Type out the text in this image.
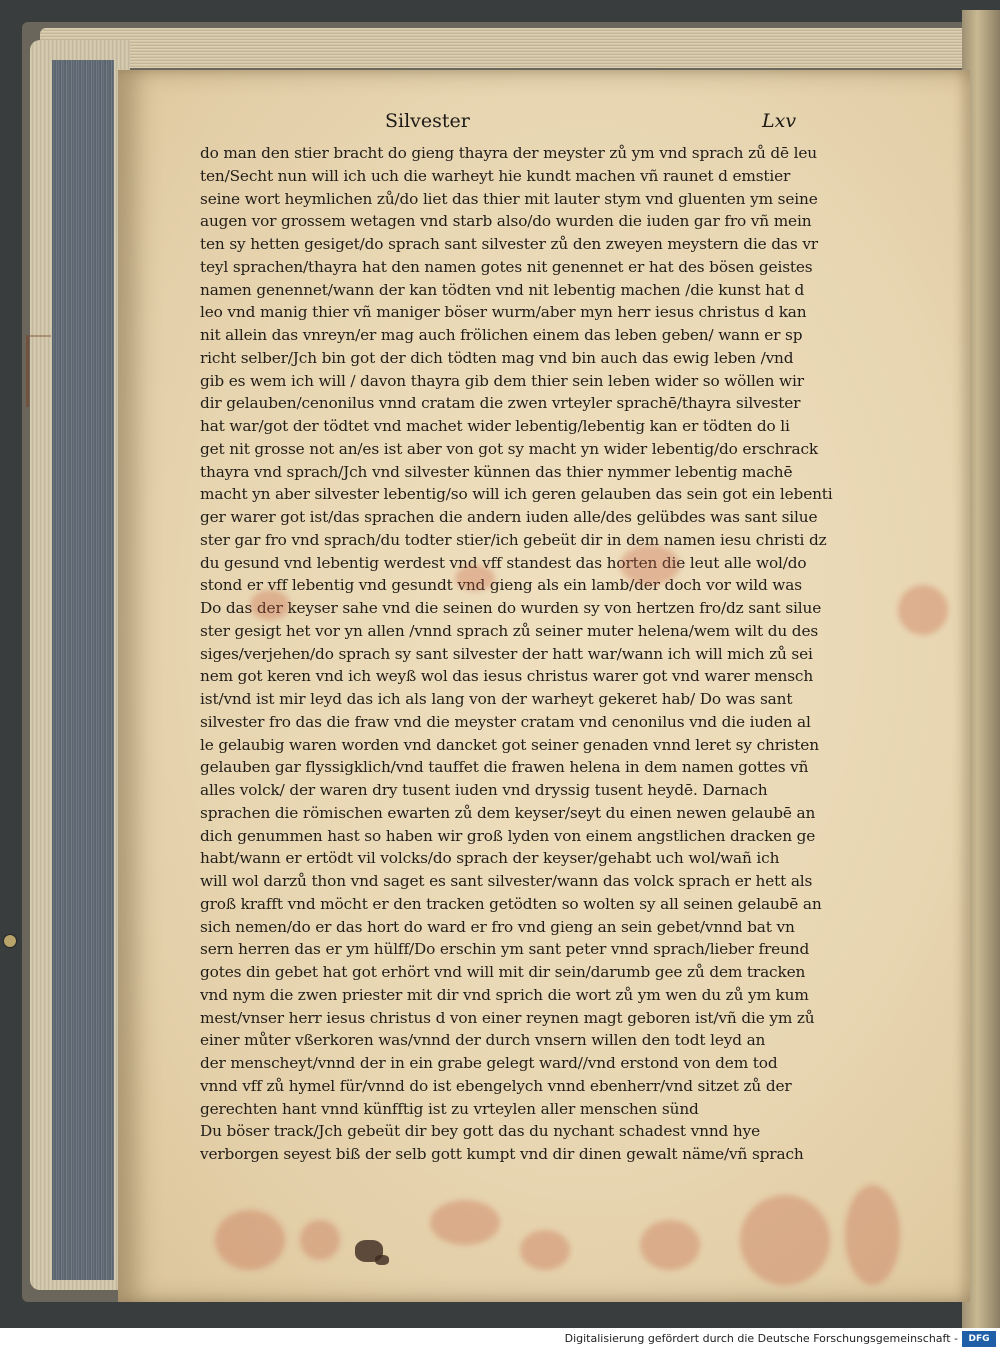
Silvester	Lxv
do man den stier bracht do gieng thayra der meyster zů ym vnd sprach zů dē leu
ten/Secht nun will ich uch die warheyt hie kundt machen vñ raunet d emstier
seine wort heymlichen zů/do liet das thier mit lauter stym vnd gluenten ym seine
augen vor grossem wetagen vnd starb also/do wurden die iuden gar fro vñ mein
ten sy hetten gesiget/do sprach sant silvester zů den zweyen meystern die das vr
teyl sprachen/thayra hat den namen gotes nit genennet er hat des bösen geistes
namen genennet/wann der kan tödten vnd nit lebentig machen /die kunst hat d
leo vnd manig thier vñ maniger böser wurm/aber myn herr iesus christus d kan
nit allein das vnreyn/er mag auch frölichen einem das leben geben/ wann er sp
richt selber/Jch bin got der dich tödten mag vnd bin auch das ewig leben /vnd
gib es wem ich will / davon thayra gib dem thier sein leben wider so wöllen wir
dir gelauben/cenonilus vnnd cratam die zwen vrteyler sprachē/thayra silvester
hat war/got der tödtet vnd machet wider lebentig/lebentig kan er tödten do li
get nit grosse not an/es ist aber von got sy macht yn wider lebentig/do erschrack
thayra vnd sprach/Jch vnd silvester künnen das thier nymmer lebentig machē
macht yn aber silvester lebentig/so will ich geren gelauben das sein got ein lebenti
ger warer got ist/das sprachen die andern iuden alle/des gelübdes was sant silue
ster gar fro vnd sprach/du todter stier/ich gebeüt dir in dem namen iesu christi dz
du gesund vnd lebentig werdest vnd vff standest das horten die leut alle wol/do
stond er vff lebentig vnd gesundt vnd gieng als ein lamb/der doch vor wild was
Do das der keyser sahe vnd die seinen do wurden sy von hertzen fro/dz sant silue
ster gesigt het vor yn allen /vnnd sprach zů seiner muter helena/wem wilt du des
siges/verjehen/do sprach sy sant silvester der hatt war/wann ich will mich zů sei
nem got keren vnd ich weyß wol das iesus christus warer got vnd warer mensch
ist/vnd ist mir leyd das ich als lang von der warheyt gekeret hab/ Do was sant
silvester fro das die fraw vnd die meyster cratam vnd cenonilus vnd die iuden al
le gelaubig waren worden vnd dancket got seiner genaden vnnd leret sy christen
gelauben gar flyssigklich/vnd tauffet die frawen helena in dem namen gottes vñ
alles volck/ der waren dry tusent iuden vnd dryssig tusent heydē. Darnach
sprachen die römischen ewarten zů dem keyser/seyt du einen newen gelaubē an
dich genummen hast so haben wir groß lyden von einem angstlichen dracken ge
habt/wann er ertödt vil volcks/do sprach der keyser/gehabt uch wol/wañ ich
will wol darzů thon vnd saget es sant silvester/wann das volck sprach er hett als
groß krafft vnd möcht er den tracken getödten so wolten sy all seinen gelaubē an
sich nemen/do er das hort do ward er fro vnd gieng an sein gebet/vnnd bat vn
sern herren das er ym hülff/Do erschin ym sant peter vnnd sprach/lieber freund
gotes din gebet hat got erhört vnd will mit dir sein/darumb gee zů dem tracken
vnd nym die zwen priester mit dir vnd sprich die wort zů ym wen du zů ym kum
mest/vnser herr iesus christus d von einer reynen magt geboren ist/vñ die ym zů
einer můter vßerkoren was/vnnd der durch vnsern willen den todt leyd an
der menscheyt/vnnd der in ein grabe gelegt ward//vnd erstond von dem tod
vnnd vff zů hymel für/vnnd do ist ebengelych vnnd ebenherr/vnd sitzet zů der
gerechten hant vnnd künfftig ist zu vrteylen aller menschen sünd
Du böser track/Jch gebeüt dir bey gott das du nychant schadest vnnd hye
verborgen seyest biß der selb gott kumpt vnd dir dinen gewalt näme/vñ sprach
Digitalisierung gefördert durch die Deutsche Forschungsgemeinschaft -	DFG
